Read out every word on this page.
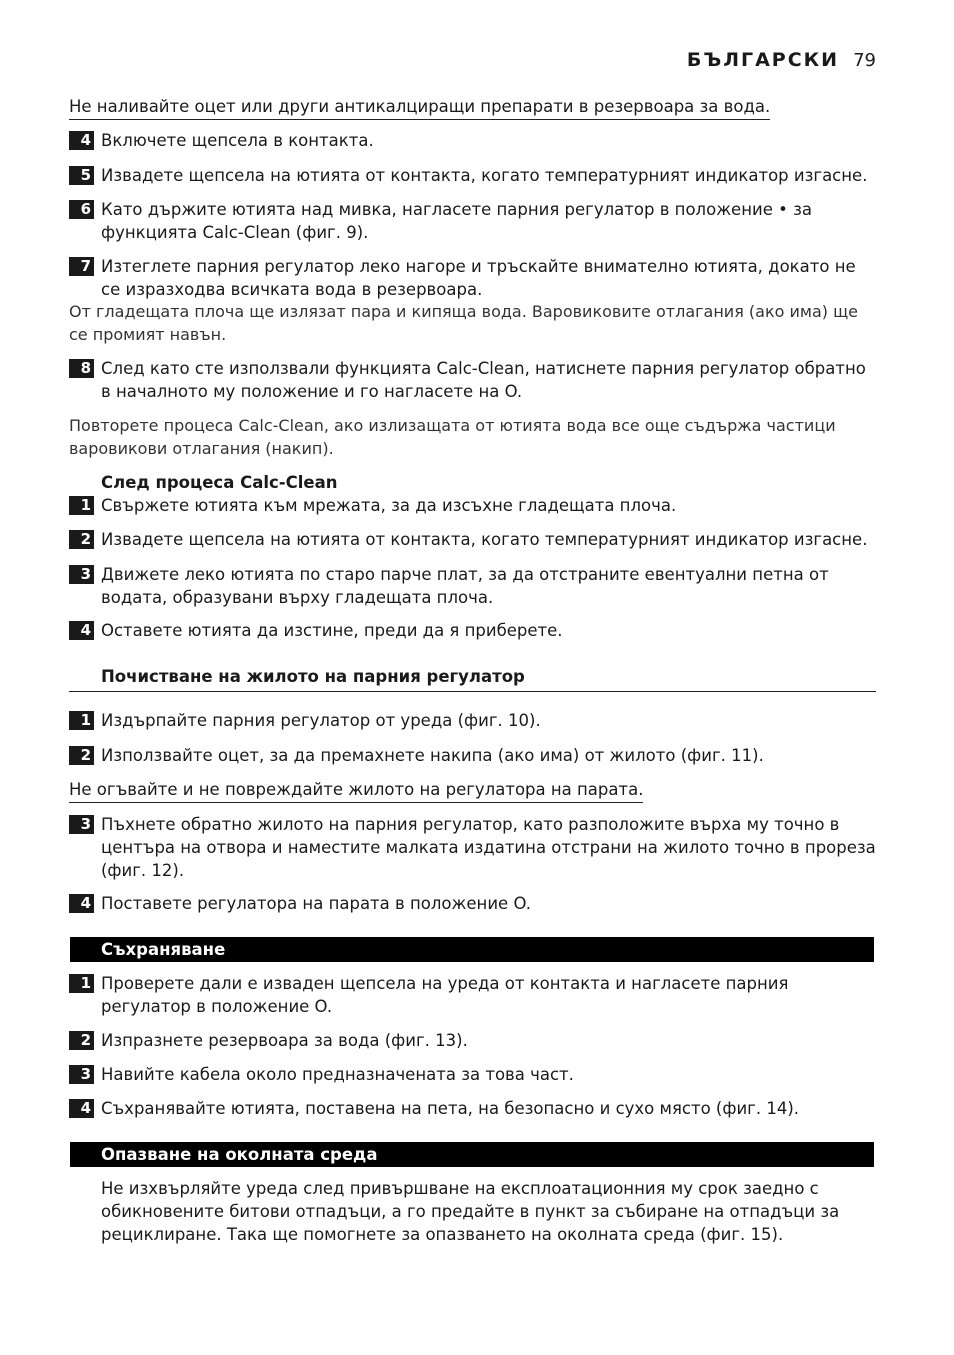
БЪЛГАРСКИ 79
Не наливайте оцет или други антикалциращи препарати в резервоара за вода.
4 Включете щепсела в контакта.
5 Извадете щепсела на ютията от контакта, когато температурният индикатор изгасне.
6 Като държите ютията над мивка, нагласете парния регулатор в положение • за функцията Calc-Clean (фиг. 9).
7 Изтеглете парния регулатор леко нагоре и тръскайте внимателно ютията, докато не се изразходва всичката вода в резервоара.

От гладещата плоча ще излязат пара и кипяща вода. Варовиковите отлагания (ако има) ще се промият навън.

8 След като сте използвали функцията Calc-Clean, натиснете парния регулатор обратно в началното му положение и го нагласете на O.

Повторете процеса Calc-Clean, ако излизащата от ютията вода все още съдържа частици варовикови отлагания (накип).

След процеса Calc-Clean
1 Свържете ютията към мрежата, за да изсъхне гладещата плоча.
2 Извадете щепсела на ютията от контакта, когато температурният индикатор изгасне.
3 Движете леко ютията по старо парче плат, за да отстраните евентуални петна от водата, образувани върху гладещата плоча.
4 Оставете ютията да изстине, преди да я приберете.
Почистване на жилото на парния регулатор
1 Издърпайте парния регулатор от уреда (фиг. 10).
2 Използвайте оцет, за да премахнете накипа (ако има) от жилото (фиг. 11).
Не огъвайте и не повреждайте жилото на регулатора на парата.
3 Пъхнете обратно жилото на парния регулатор, като разположите върха му точно в центъра на отвора и наместите малката издатина отстрани на жилото точно в прореза (фиг. 12).
4 Поставете регулатора на парата в положение O.
Съхраняване
1 Проверете дали е изваден щепсела на уреда от контакта и нагласете парния регулатор в положение O.
2 Изпразнете резервоара за вода (фиг. 13).
3 Навийте кабела около предназначената за това част.
4 Съхранявайте ютията, поставена на пета, на безопасно и сухо място (фиг. 14).
Опазване на околната среда
Не изхвърляйте уреда след привършване на експлоатационния му срок заедно с обикновените битови отпадъци, а го предайте в пункт за събиране на отпадъци за рециклиране. Така ще помогнете за опазването на околната среда (фиг. 15).
